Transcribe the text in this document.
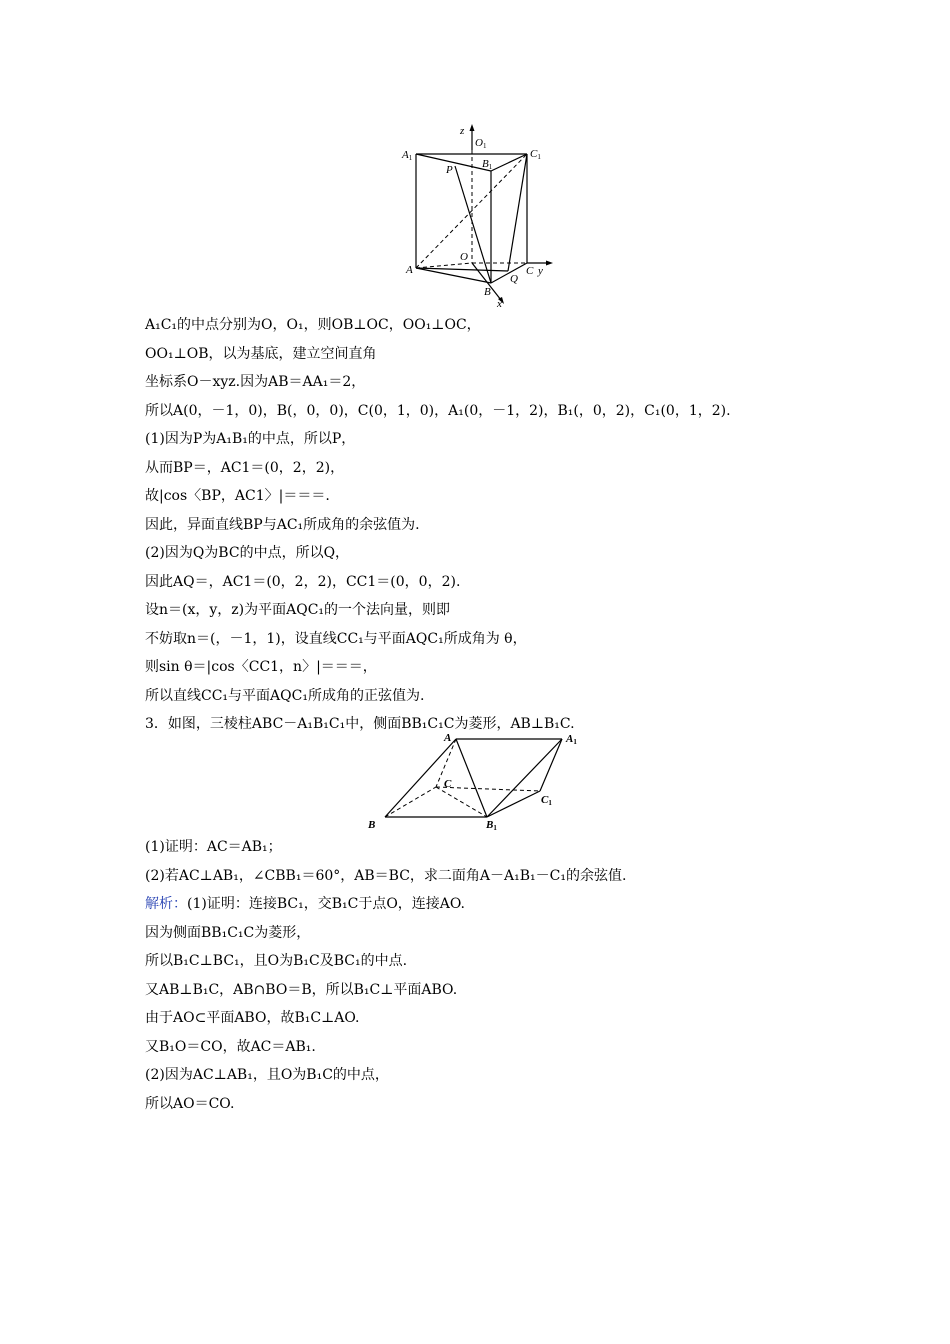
z
O1
A1	B1
C1
P
O
A
B
Q
C y
x
A₁C₁的中点分别为O，O₁，则OB⊥OC，OO₁⊥OC，
OO₁⊥OB，以为基底，建立空间直角
坐标系O－xyz.因为AB＝AA₁＝2，
所以A(0，－1，0)，B(，0，0)，C(0，1，0)，A₁(0，－1，2)，B₁(，0，2)，C₁(0，1，2).
(1)因为P为A₁B₁的中点，所以P，
从而BP＝，AC1＝(0，2，2)，
故|cos〈BP，AC1〉|＝＝＝.
因此，异面直线BP与AC₁所成角的余弦值为.
(2)因为Q为BC的中点，所以Q，
因此AQ＝，AC1＝(0，2，2)，CC1＝(0，0，2).
设n＝(x，y，z)为平面AQC₁的一个法向量，则即
不妨取n＝(，－1，1)，设直线CC₁与平面AQC₁所成角为 θ，
则sin θ＝|cos〈CC1，n〉|＝＝＝，
所以直线CC₁与平面AQC₁所成角的正弦值为.
3．如图，三棱柱ABC－A₁B₁C₁中，侧面BB₁C₁C为菱形，AB⊥B₁C.
A	A1
C
C1
B	B1
(1)证明：AC＝AB₁；
(2)若AC⊥AB₁，∠CBB₁＝60°，AB＝BC，求二面角A－A₁B₁－C₁的余弦值.
解析：(1)证明：连接BC₁，交B₁C于点O，连接AO.
因为侧面BB₁C₁C为菱形，
所以B₁C⊥BC₁，且O为B₁C及BC₁的中点.
又AB⊥B₁C，AB∩BO＝B，所以B₁C⊥平面ABO.
由于AO⊂平面ABO，故B₁C⊥AO.
又B₁O＝CO，故AC＝AB₁.
(2)因为AC⊥AB₁，且O为B₁C的中点，
所以AO＝CO.
